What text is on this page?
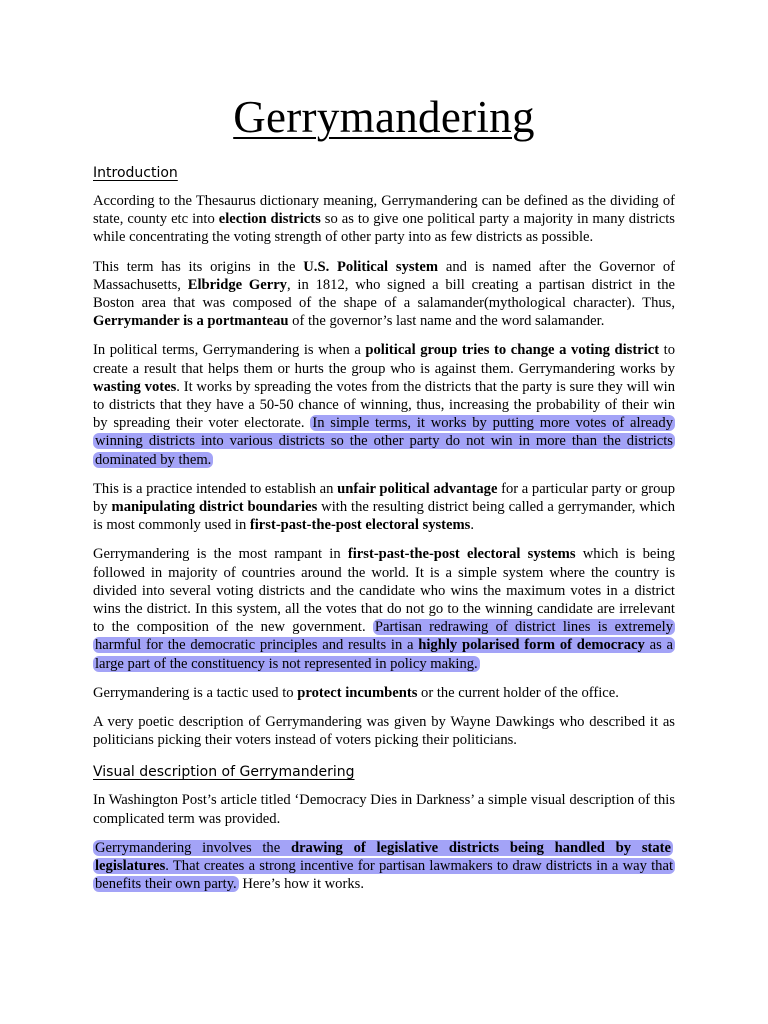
Gerrymandering
Introduction

According to the Thesaurus dictionary meaning, Gerrymandering can be defined as the dividing of state, county etc into election districts so as to give one political party a majority in many districts while concentrating the voting strength of other party into as few districts as possible.

This term has its origins in the U.S. Political system and is named after the Governor of Massachusetts, Elbridge Gerry, in 1812, who signed a bill creating a partisan district in the Boston area that was composed of the shape of a salamander(mythological character). Thus, Gerrymander is a portmanteau of the governor’s last name and the word salamander.

In political terms, Gerrymandering is when a political group tries to change a voting district to create a result that helps them or hurts the group who is against them. Gerrymandering works by wasting votes. It works by spreading the votes from the districts that the party is sure they will win to districts that they have a 50-50 chance of winning, thus, increasing the probability of their win by spreading their voter electorate. In simple terms, it works by putting more votes of already winning districts into various districts so the other party do not win in more than the districts dominated by them.

This is a practice intended to establish an unfair political advantage for a particular party or group by manipulating district boundaries with the resulting district being called a gerrymander, which is most commonly used in first-past-the-post electoral systems.

Gerrymandering is the most rampant in first-past-the-post electoral systems which is being followed in majority of countries around the world. It is a simple system where the country is divided into several voting districts and the candidate who wins the maximum votes in a district wins the district. In this system, all the votes that do not go to the winning candidate are irrelevant to the composition of the new government. Partisan redrawing of district lines is extremely harmful for the democratic principles and results in a highly polarised form of democracy as a large part of the constituency is not represented in policy making.

Gerrymandering is a tactic used to protect incumbents or the current holder of the office.

A very poetic description of Gerrymandering was given by Wayne Dawkings who described it as politicians picking their voters instead of voters picking their politicians.

Visual description of Gerrymandering

In Washington Post’s article titled ‘Democracy Dies in Darkness’ a simple visual description of this complicated term was provided.

Gerrymandering involves the drawing of legislative districts being handled by state legislatures. That creates a strong incentive for partisan lawmakers to draw districts in a way that benefits their own party. Here’s how it works.
